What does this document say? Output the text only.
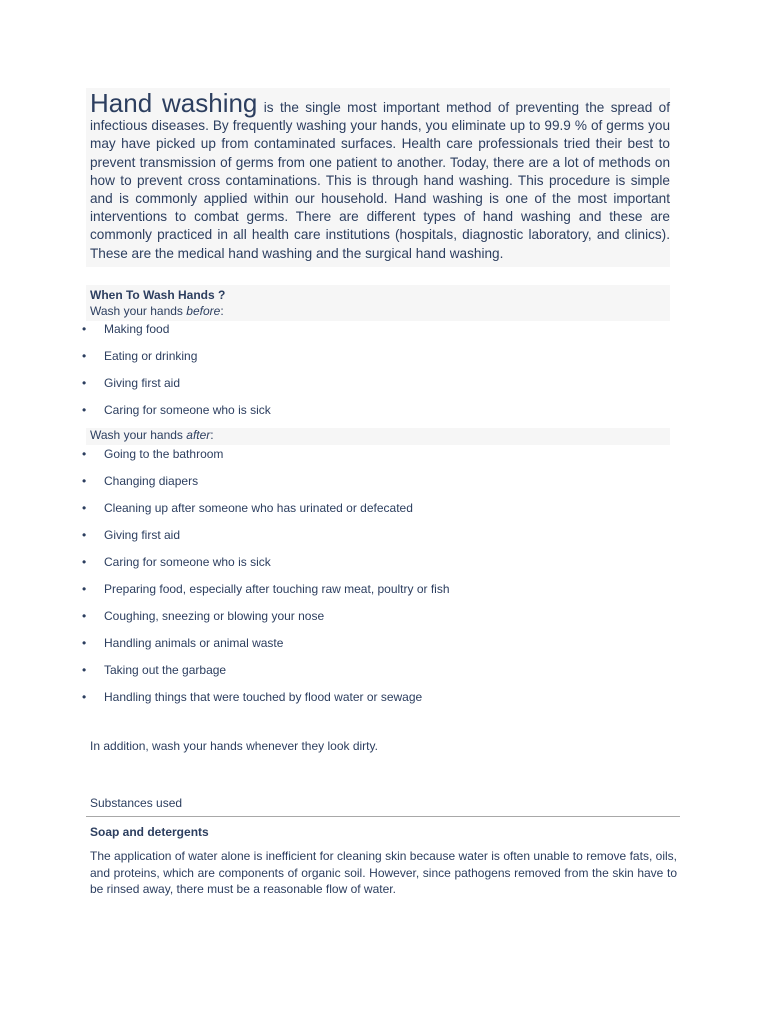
Hand washing is the single most important method of preventing the spread of infectious diseases. By frequently washing your hands, you eliminate up to 99.9 % of germs you may have picked up from contaminated surfaces. Health care professionals tried their best to prevent transmission of germs from one patient to another. Today, there are a lot of methods on how to prevent cross contaminations. This is through hand washing. This procedure is simple and is commonly applied within our household. Hand washing is one of the most important interventions to combat germs. There are different types of hand washing and these are commonly practiced in all health care institutions (hospitals, diagnostic laboratory, and clinics). These are the medical hand washing and the surgical hand washing.

When To Wash Hands ?
Wash your hands before:
• Making food
• Eating or drinking
• Giving first aid
• Caring for someone who is sick
Wash your hands after:
• Going to the bathroom
• Changing diapers
• Cleaning up after someone who has urinated or defecated
• Giving first aid
• Caring for someone who is sick
• Preparing food, especially after touching raw meat, poultry or fish
• Coughing, sneezing or blowing your nose
• Handling animals or animal waste
• Taking out the garbage
• Handling things that were touched by flood water or sewage
In addition, wash your hands whenever they look dirty.
Substances used
Soap and detergents

The application of water alone is inefficient for cleaning skin because water is often unable to remove fats, oils, and proteins, which are components of organic soil. However, since pathogens removed from the skin have to be rinsed away, there must be a reasonable flow of water.
